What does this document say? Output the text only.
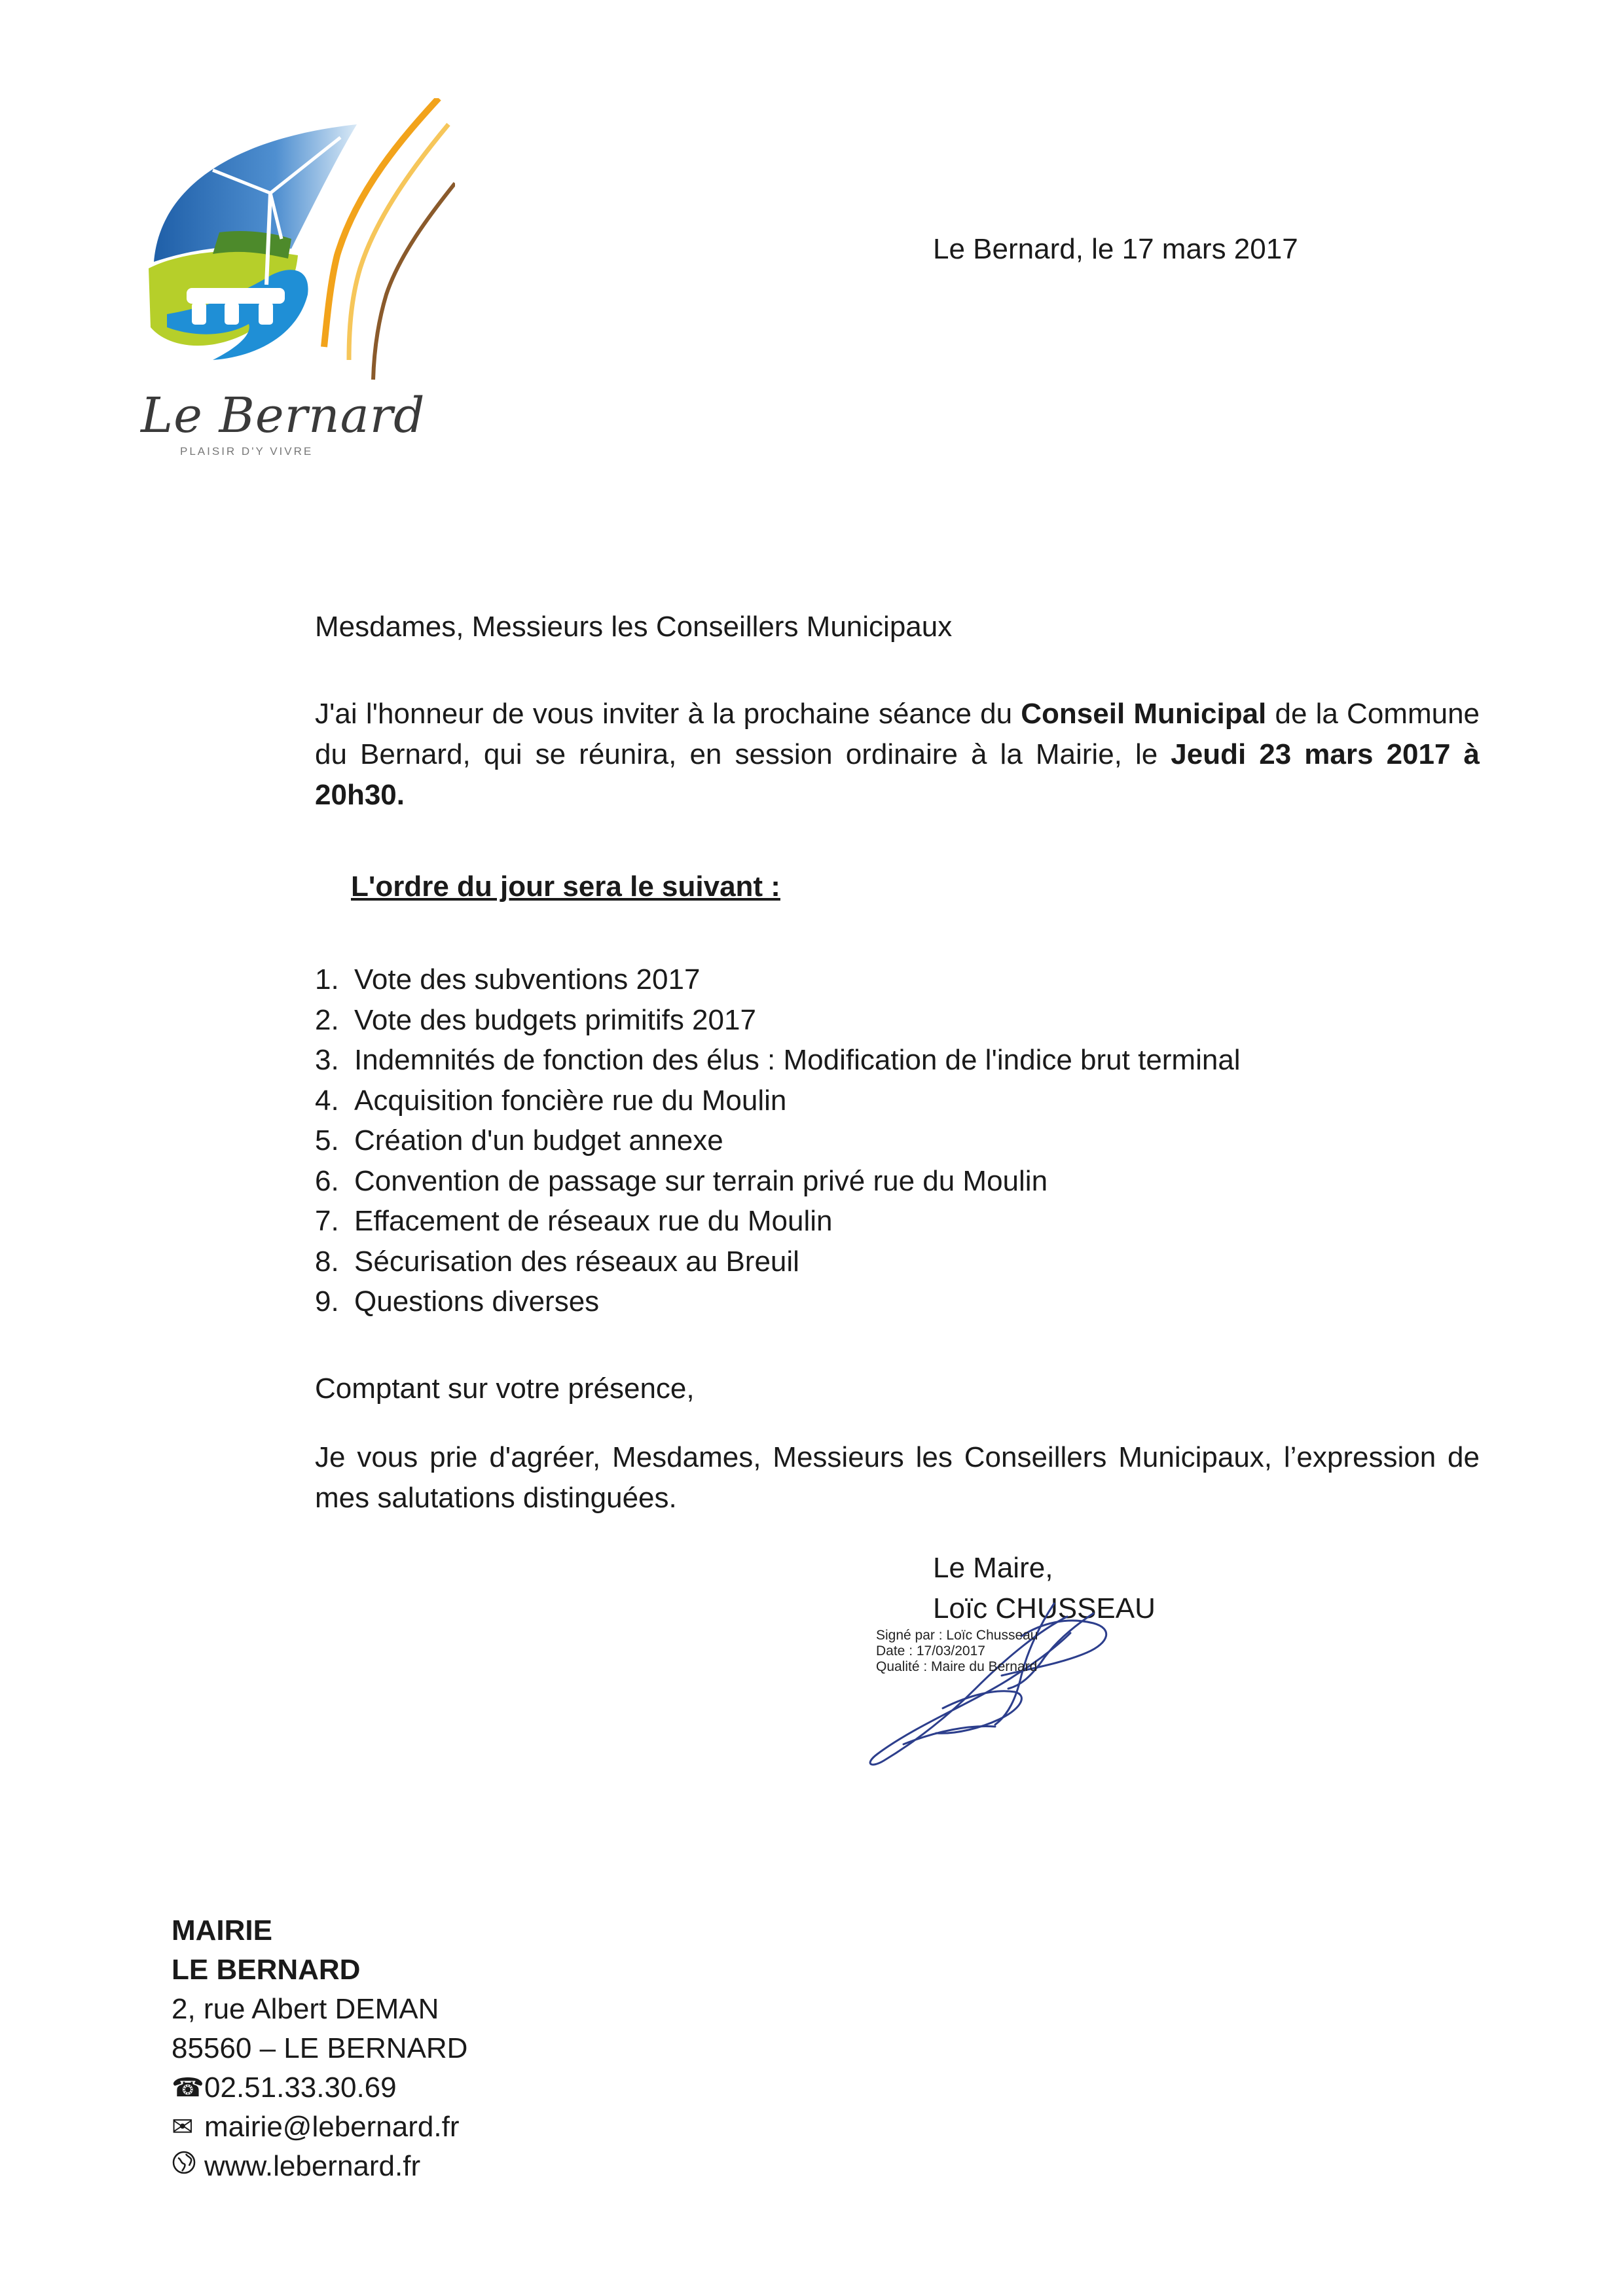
Le Bernard
PLAISIR D'Y VIVRE
Le Bernard, le 17 mars 2017
Mesdames, Messieurs les Conseillers Municipaux
J'ai l'honneur de vous inviter à la prochaine séance du Conseil Municipal de la Commune du Bernard, qui se réunira, en session ordinaire à la Mairie, le Jeudi 23 mars 2017 à 20h30.
L'ordre du jour sera le suivant :
1. Vote des subventions 2017
2. Vote des budgets primitifs 2017
3. Indemnités de fonction des élus : Modification de l'indice brut terminal
4. Acquisition foncière rue du Moulin
5. Création d'un budget annexe
6. Convention de passage sur terrain privé rue du Moulin
7. Effacement de réseaux rue du Moulin
8. Sécurisation des réseaux au Breuil
9. Questions diverses
Comptant sur votre présence,
Je vous prie d'agréer, Mesdames, Messieurs les Conseillers Municipaux, l’expression de mes salutations distinguées.
Le Maire,
Loïc CHUSSEAU
Signé par : Loïc Chusseau
Date : 17/03/2017
Qualité : Maire du Bernard
MAIRIE
LE BERNARD
2, rue Albert DEMAN
85560 – LE BERNARD
☎ 02.51.33.30.69
✉ mairie@lebernard.fr
www.lebernard.fr
